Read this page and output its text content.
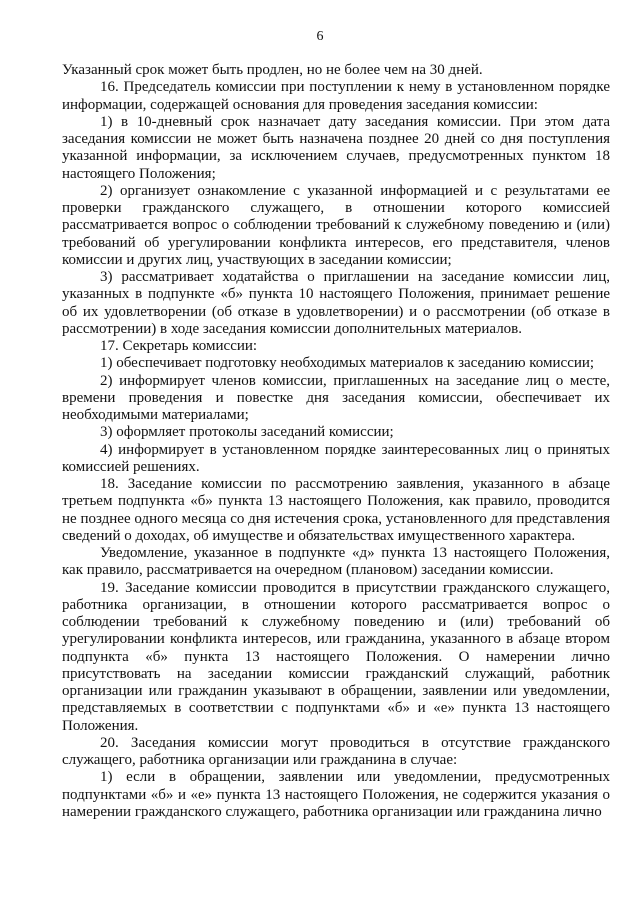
6

Указанный срок может быть продлен, но не более чем на 30 дней.

16. Председатель комиссии при поступлении к нему в установленном порядке информации, содержащей основания для проведения заседания комиссии:

1) в 10-дневный срок назначает дату заседания комиссии. При этом дата заседания комиссии не может быть назначена позднее 20 дней со дня поступления указанной информации, за исключением случаев, предусмотренных пунктом 18 настоящего Положения;

2) организует ознакомление с указанной информацией и с результатами ее проверки гражданского служащего, в отношении которого комиссией рассматривается вопрос о соблюдении требований к служебному поведению и (или) требований об урегулировании конфликта интересов, его представителя, членов комиссии и других лиц, участвующих в заседании комиссии;

3) рассматривает ходатайства о приглашении на заседание комиссии лиц, указанных в подпункте «б» пункта 10 настоящего Положения, принимает решение об их удовлетворении (об отказе в удовлетворении) и о рассмотрении (об отказе в рассмотрении) в ходе заседания комиссии дополнительных материалов.

17. Секретарь комиссии:

1) обеспечивает подготовку необходимых материалов к заседанию комиссии;

2) информирует членов комиссии, приглашенных на заседание лиц о месте, времени проведения и повестке дня заседания комиссии, обеспечивает их необходимыми материалами;

3) оформляет протоколы заседаний комиссии;

4) информирует в установленном порядке заинтересованных лиц о принятых комиссией решениях.

18. Заседание комиссии по рассмотрению заявления, указанного в абзаце третьем подпункта «б» пункта 13 настоящего Положения, как правило, проводится не позднее одного месяца со дня истечения срока, установленного для представления сведений о доходах, об имуществе и обязательствах имущественного характера.

Уведомление, указанное в подпункте «д» пункта 13 настоящего Положения, как правило, рассматривается на очередном (плановом) заседании комиссии.

19. Заседание комиссии проводится в присутствии гражданского служащего, работника организации, в отношении которого рассматривается вопрос о соблюдении требований к служебному поведению и (или) требований об урегулировании конфликта интересов, или гражданина, указанного в абзаце втором подпункта «б» пункта 13 настоящего Положения. О намерении лично присутствовать на заседании комиссии гражданский служащий, работник организации или гражданин указывают в обращении, заявлении или уведомлении, представляемых в соответствии с подпунктами «б» и «е» пункта 13 настоящего Положения.

20. Заседания комиссии могут проводиться в отсутствие гражданского служащего, работника организации или гражданина в случае:

1) если в обращении, заявлении или уведомлении, предусмотренных подпунктами «б» и «е» пункта 13 настоящего Положения, не содержится указания о намерении гражданского служащего, работника организации или гражданина лично
